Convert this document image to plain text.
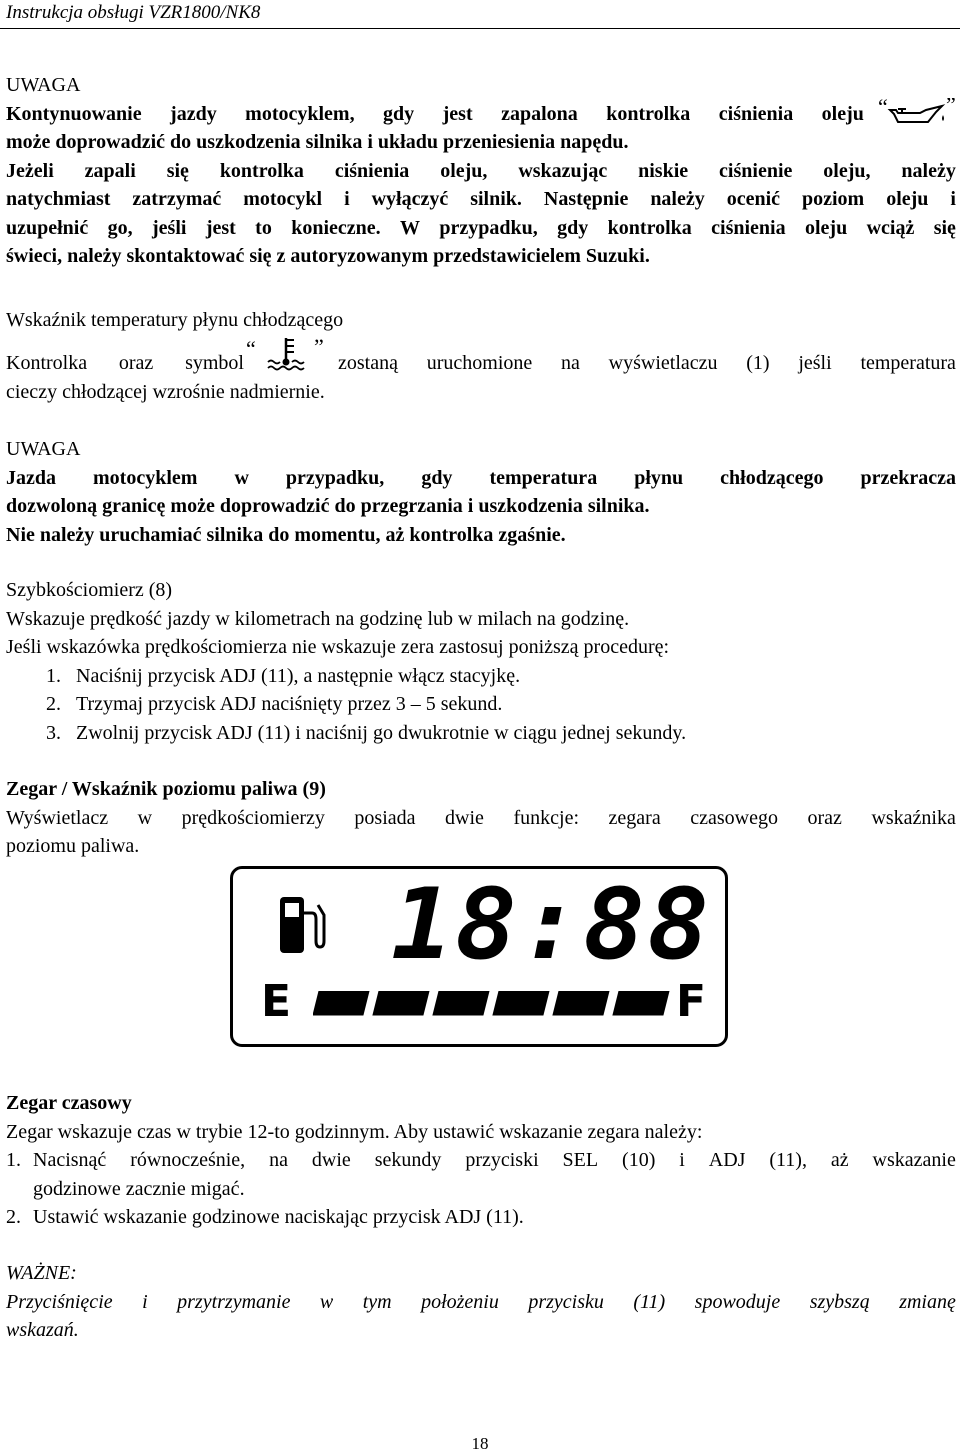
Instrukcja obsługi VZR1800/NK8
UWAGA
Kontynuowanie jazdy motocyklem, gdy jest zapalona kontrolka ciśnienia oleju
może doprowadzić do uszkodzenia silnika i układu przeniesienia napędu.
Jeżeli zapali się kontrolka ciśnienia oleju, wskazując niskie ciśnienie oleju, należy
natychmiast zatrzymać motocykl i wyłączyć silnik. Następnie należy ocenić poziom oleju i
uzupełnić go, jeśli jest to konieczne. W przypadku, gdy kontrolka ciśnienia oleju wciąż się
świeci, należy skontaktować się z autoryzowanym przedstawicielem Suzuki.
“	”
Wskaźnik temperatury płynu chłodzącego
Kontrolka oraz symbol	zostaną uruchomione na wyświetlaczu (1) jeśli temperatura
cieczy chłodzącej wzrośnie nadmiernie.
“	”
UWAGA
Jazda motocyklem w przypadku, gdy temperatura płynu chłodzącego przekracza
dozwoloną granicę może doprowadzić do przegrzania i uszkodzenia silnika.
Nie należy uruchamiać silnika do momentu, aż kontrolka zgaśnie.
Szybkościomierz (8)
Wskazuje prędkość jazdy w kilometrach na godzinę lub w milach na godzinę.
Jeśli wskazówka prędkościomierza nie wskazuje zera zastosuj poniższą procedurę:
1. Naciśnij przycisk ADJ (11), a następnie włącz stacyjkę.
2. Trzymaj przycisk ADJ naciśnięty przez 3 – 5 sekund.
3. Zwolnij przycisk ADJ (11) i naciśnij go dwukrotnie w ciągu jednej sekundy.
Zegar / Wskaźnik poziomu paliwa (9)
Wyświetlacz w prędkościomierzy posiada dwie funkcje: zegara czasowego oraz wskaźnika
poziomu paliwa.
18:88
E	F
Zegar czasowy
Zegar wskazuje czas w trybie 12-to godzinnym. Aby ustawić wskazanie zegara należy:
1. Nacisnąć równocześnie, na dwie sekundy przyciski SEL (10) i ADJ (11), aż wskazanie
godzinowe zacznie migać.
2. Ustawić wskazanie godzinowe naciskając przycisk ADJ (11).
WAŻNE:
Przyciśnięcie i przytrzymanie w tym położeniu przycisku (11) spowoduje szybszą zmianę
wskazań.
18
